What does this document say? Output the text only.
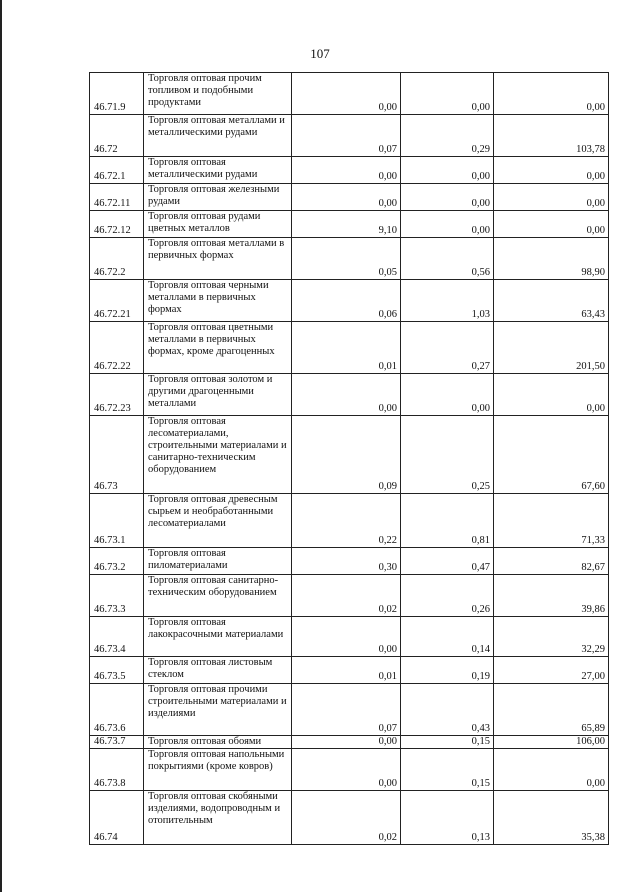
107
46.71.9	Торговля оптовая прочим топливом и подобными продуктами	0,00	0,00	0,00
46.72	Торговля оптовая металлами и металлическими рудами	0,07	0,29	103,78
46.72.1	Торговля оптовая металлическими рудами	0,00	0,00	0,00
46.72.11	Торговля оптовая железными рудами	0,00	0,00	0,00
46.72.12	Торговля оптовая рудами цветных металлов	9,10	0,00	0,00
46.72.2	Торговля оптовая металлами в первичных формах	0,05	0,56	98,90
46.72.21	Торговля оптовая черными металлами в первичных формах	0,06	1,03	63,43
46.72.22	Торговля оптовая цветными металлами в первичных формах, кроме драгоценных	0,01	0,27	201,50
46.72.23	Торговля оптовая золотом и другими драгоценными металлами	0,00	0,00	0,00
46.73	Торговля оптовая лесоматериалами, строительными материалами и санитарно-техническим оборудованием	0,09	0,25	67,60
46.73.1	Торговля оптовая древесным сырьем и необработанными лесоматериалами	0,22	0,81	71,33
46.73.2	Торговля оптовая пиломатериалами	0,30	0,47	82,67
46.73.3	Торговля оптовая санитарно-техническим оборудованием	0,02	0,26	39,86
46.73.4	Торговля оптовая лакокрасочными материалами	0,00	0,14	32,29
46.73.5	Торговля оптовая листовым стеклом	0,01	0,19	27,00
46.73.6	Торговля оптовая прочими строительными материалами и изделиями	0,07	0,43	65,89
46.73.7	Торговля оптовая обоями	0,00	0,15	106,00
46.73.8	Торговля оптовая напольными покрытиями (кроме ковров)	0,00	0,15	0,00
46.74	Торговля оптовая скобяными изделиями, водопроводным и отопительным	0,02	0,13	35,38
